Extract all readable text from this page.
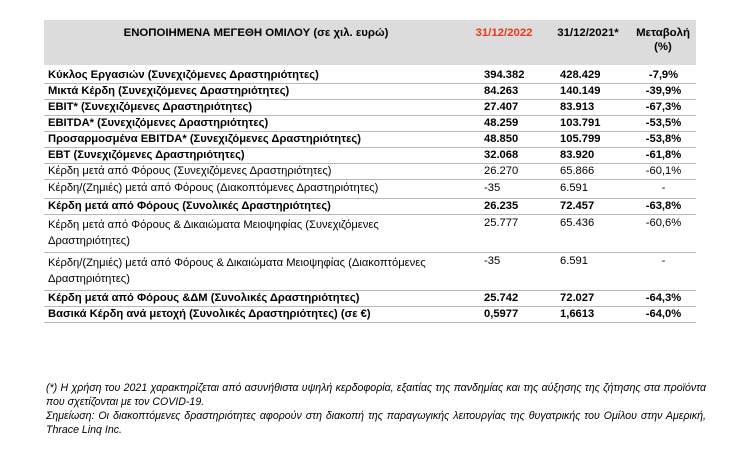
ΕΝΟΠΟΙΗΜΕΝΑ ΜΕΓΕΘΗ ΟΜΙΛΟΥ (σε χιλ. ευρώ)	31/12/2022	31/12/2021*	Μεταβολή (%)
Κύκλος Εργασιών (Συνεχιζόμενες Δραστηριότητες)	394.382	428.429	-7,9%
Μικτά Κέρδη (Συνεχιζόμενες Δραστηριότητες)	84.263	140.149	-39,9%
EBIT* (Συνεχιζόμενες Δραστηριότητες)	27.407	83.913	-67,3%
EBITDA* (Συνεχιζόμενες Δραστηριότητες)	48.259	103.791	-53,5%
Προσαρμοσμένα EBITDA* (Συνεχιζόμενες Δραστηριότητες)	48.850	105.799	-53,8%
EBT (Συνεχιζόμενες Δραστηριότητες)	32.068	83.920	-61,8%
Κέρδη μετά από Φόρους (Συνεχιζόμενες Δραστηριότητες)	26.270	65.866	-60,1%
Κέρδη/(Ζημιές) μετά από Φόρους (Διακοπτόμενες Δραστηριότητες)	-35	6.591	-
Κέρδη μετά από Φόρους (Συνολικές Δραστηριότητες)	26.235	72.457	-63,8%
Κέρδη μετά από Φόρους & Δικαιώματα Μειοψηφίας (Συνεχιζόμενες Δραστηριότητες)	25.777	65.436	-60,6%
Κέρδη/(Ζημιές) μετά από Φόρους & Δικαιώματα Μειοψηφίας (Διακοπτόμενες Δραστηριότητες)	-35	6.591	-
Κέρδη μετά από Φόρους &ΔΜ (Συνολικές Δραστηριότητες)	25.742	72.027	-64,3%
Βασικά Κέρδη ανά μετοχή (Συνολικές Δραστηριότητες) (σε €)	0,5977	1,6613	-64,0%

(*) Η χρήση του 2021 χαρακτηρίζεται από ασυνήθιστα υψηλή κερδοφορία, εξαιτίας της πανδημίας και της αύξησης της ζήτησης στα προϊόντα που σχετίζονται με τον COVID-19.

Σημείωση: Οι διακοπτόμενες δραστηριότητες αφορούν στη διακοπή της παραγωγικής λειτουργίας της θυγατρικής του Ομίλου στην Αμερική, Thrace Linq Inc.
